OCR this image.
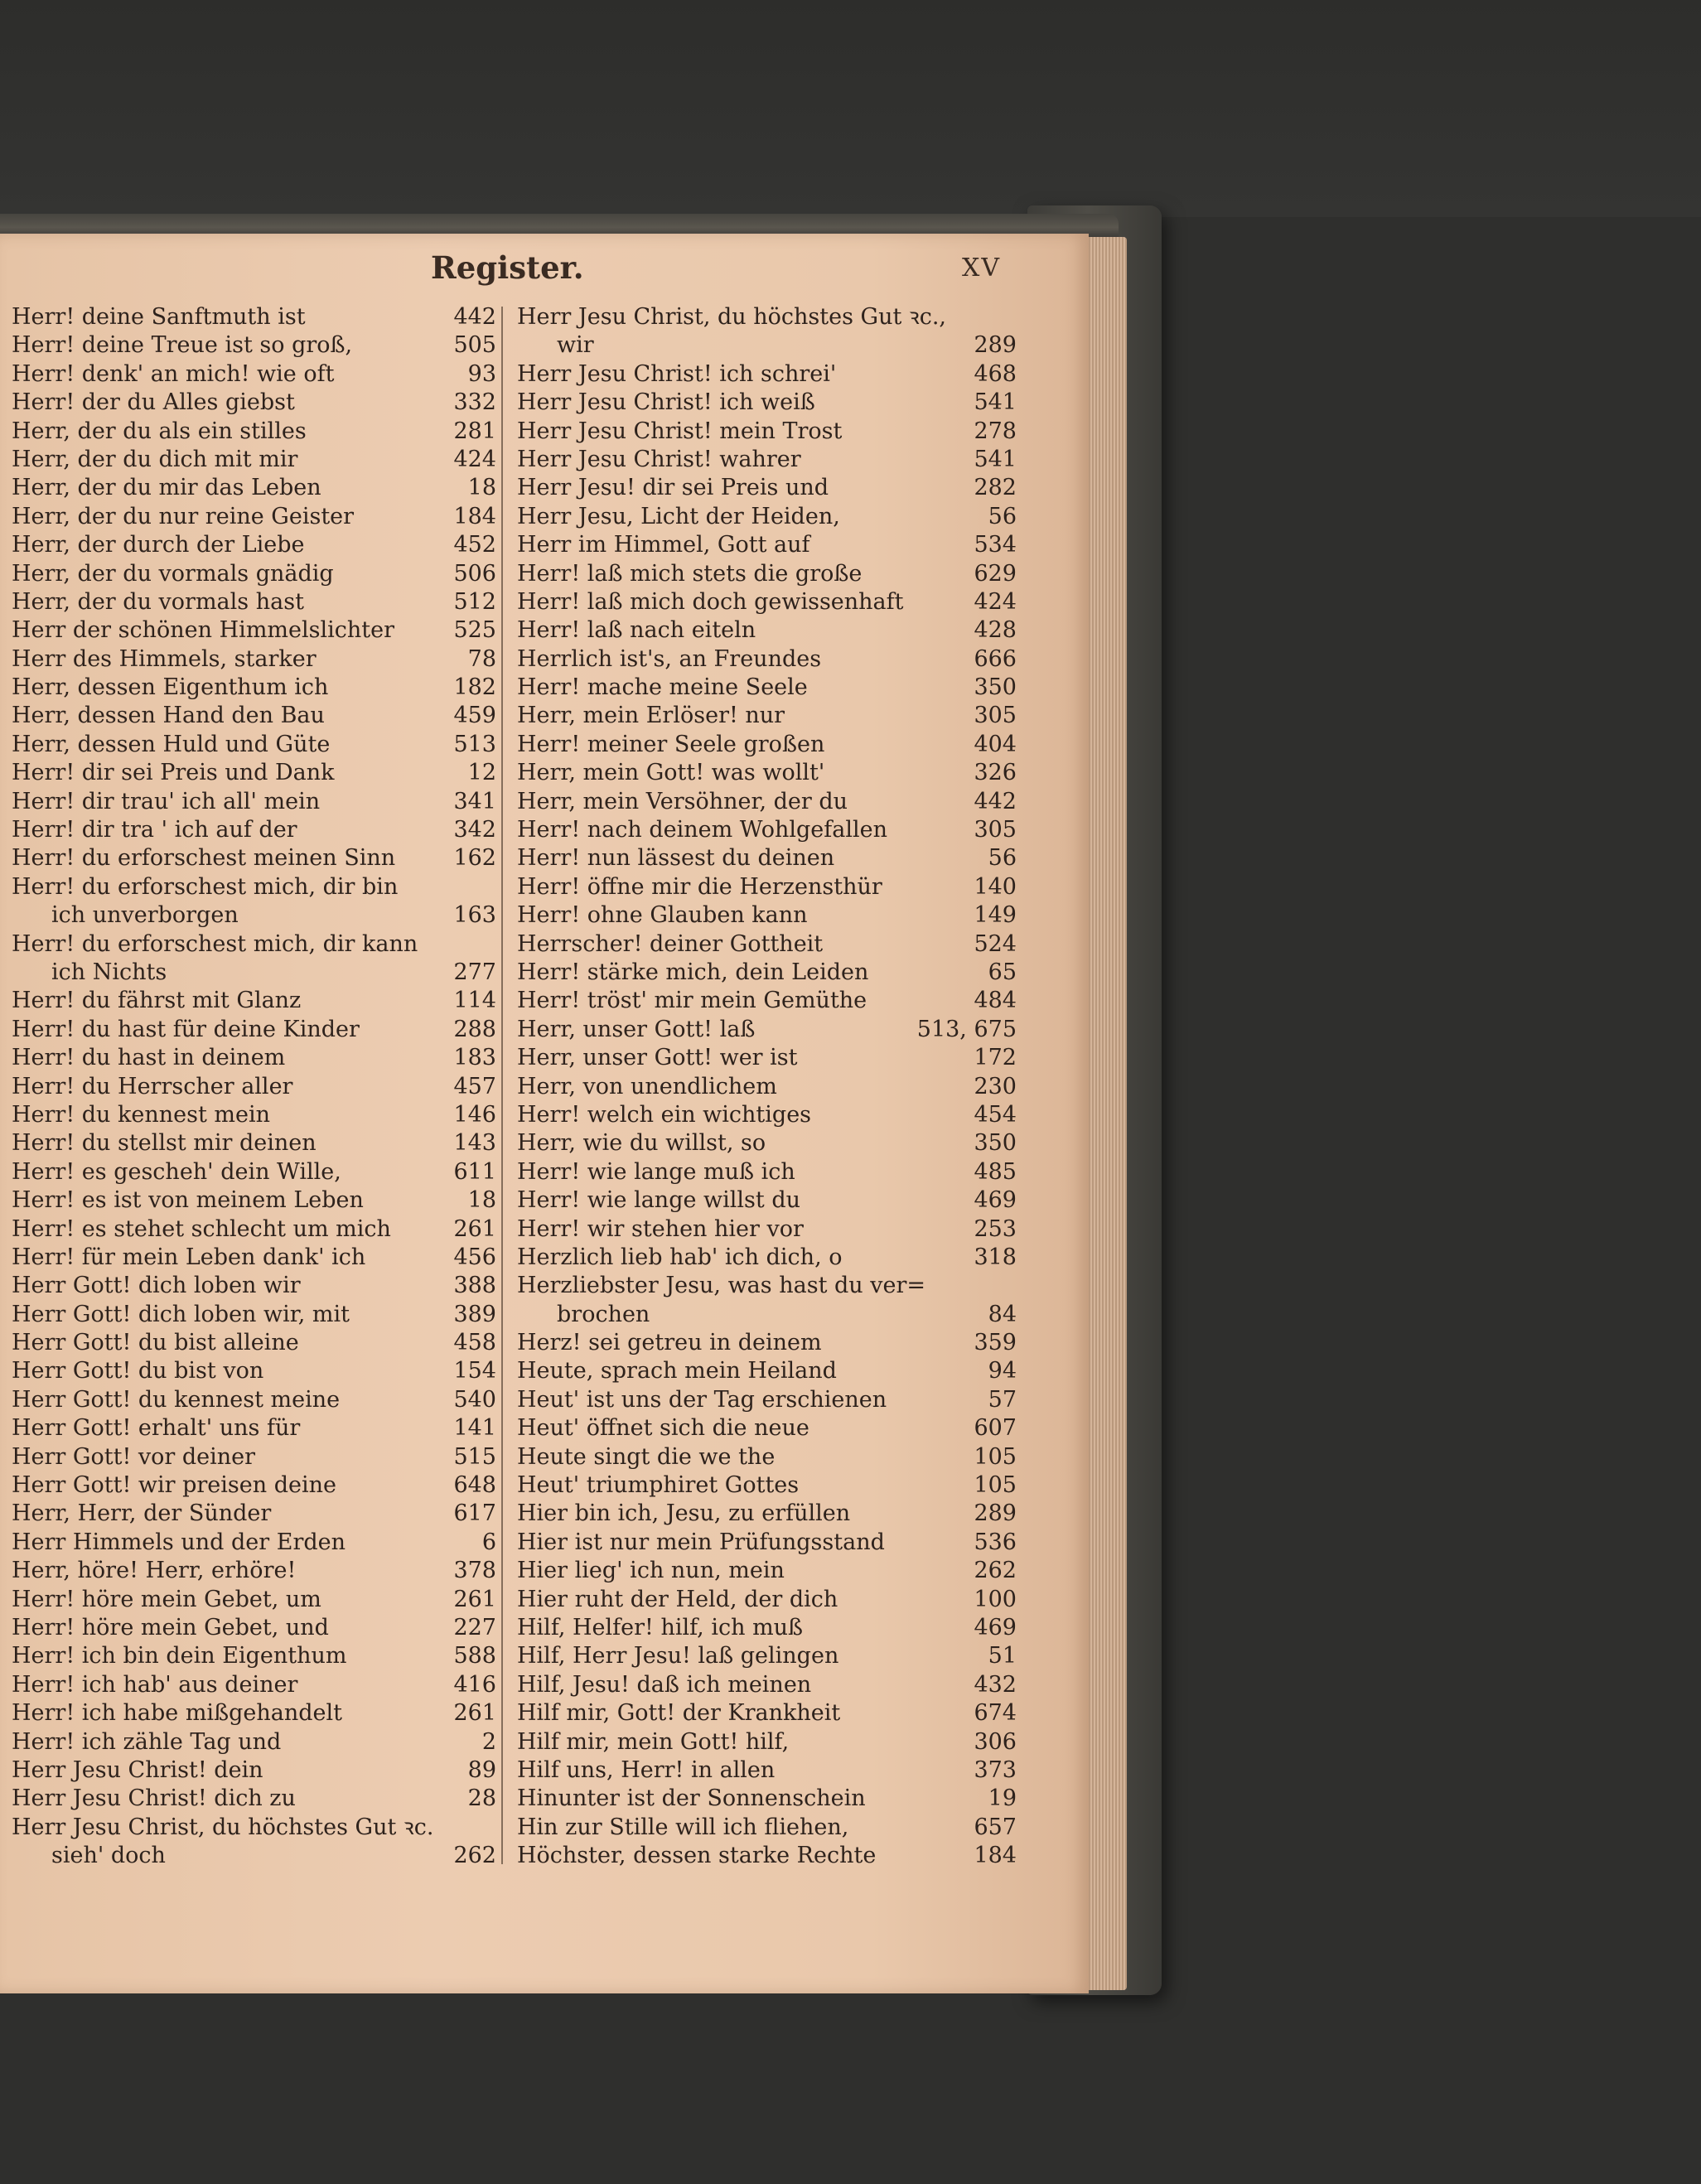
Register.	XV
Herr! deine Sanftmuth ist	442
Herr! deine Treue ist so groß,	505
Herr! denk' an mich! wie oft	93
Herr! der du Alles giebst	332
Herr, der du als ein stilles	281
Herr, der du dich mit mir	424
Herr, der du mir das Leben	18
Herr, der du nur reine Geister	184
Herr, der durch der Liebe	452
Herr, der du vormals gnädig	506
Herr, der du vormals hast	512
Herr der schönen Himmelslichter	525
Herr des Himmels, starker	78
Herr, dessen Eigenthum ich	182
Herr, dessen Hand den Bau	459
Herr, dessen Huld und Güte	513
Herr! dir sei Preis und Dank	12
Herr! dir trau' ich all' mein	341
Herr! dir tra ' ich auf der	342
Herr! du erforschest meinen Sinn	162
Herr! du erforschest mich, dir bin
ich unverborgen	163
Herr! du erforschest mich, dir kann
ich Nichts	277
Herr! du fährst mit Glanz	114
Herr! du hast für deine Kinder	288
Herr! du hast in deinem	183
Herr! du Herrscher aller	457
Herr! du kennest mein	146
Herr! du stellst mir deinen	143
Herr! es gescheh' dein Wille,	611
Herr! es ist von meinem Leben	18
Herr! es stehet schlecht um mich	261
Herr! für mein Leben dank' ich	456
Herr Gott! dich loben wir	388
Herr Gott! dich loben wir, mit	389
Herr Gott! du bist alleine	458
Herr Gott! du bist von	154
Herr Gott! du kennest meine	540
Herr Gott! erhalt' uns für	141
Herr Gott! vor deiner	515
Herr Gott! wir preisen deine	648
Herr, Herr, der Sünder	617
Herr Himmels und der Erden	6
Herr, höre! Herr, erhöre!	378
Herr! höre mein Gebet, um	261
Herr! höre mein Gebet, und	227
Herr! ich bin dein Eigenthum	588
Herr! ich hab' aus deiner	416
Herr! ich habe mißgehandelt	261
Herr! ich zähle Tag und	2
Herr Jesu Christ! dein	89
Herr Jesu Christ! dich zu	28
Herr Jesu Christ, du höchstes Gut ꝛc.
sieh' doch	262
Herr Jesu Christ, du höchstes Gut ꝛc.,
wir	289
Herr Jesu Christ! ich schrei'	468
Herr Jesu Christ! ich weiß	541
Herr Jesu Christ! mein Trost	278
Herr Jesu Christ! wahrer	541
Herr Jesu! dir sei Preis und	282
Herr Jesu, Licht der Heiden,	56
Herr im Himmel, Gott auf	534
Herr! laß mich stets die große	629
Herr! laß mich doch gewissenhaft	424
Herr! laß nach eiteln	428
Herrlich ist's, an Freundes	666
Herr! mache meine Seele	350
Herr, mein Erlöser! nur	305
Herr! meiner Seele großen	404
Herr, mein Gott! was wollt'	326
Herr, mein Versöhner, der du	442
Herr! nach deinem Wohlgefallen	305
Herr! nun lässest du deinen	56
Herr! öffne mir die Herzensthür	140
Herr! ohne Glauben kann	149
Herrscher! deiner Gottheit	524
Herr! stärke mich, dein Leiden	65
Herr! tröst' mir mein Gemüthe	484
Herr, unser Gott! laß	513, 675
Herr, unser Gott! wer ist	172
Herr, von unendlichem	230
Herr! welch ein wichtiges	454
Herr, wie du willst, so	350
Herr! wie lange muß ich	485
Herr! wie lange willst du	469
Herr! wir stehen hier vor	253
Herzlich lieb hab' ich dich, o	318
Herzliebster Jesu, was hast du ver=
brochen	84
Herz! sei getreu in deinem	359
Heute, sprach mein Heiland	94
Heut' ist uns der Tag erschienen	57
Heut' öffnet sich die neue	607
Heute singt die we the	105
Heut' triumphiret Gottes	105
Hier bin ich, Jesu, zu erfüllen	289
Hier ist nur mein Prüfungsstand	536
Hier lieg' ich nun, mein	262
Hier ruht der Held, der dich	100
Hilf, Helfer! hilf, ich muß	469
Hilf, Herr Jesu! laß gelingen	51
Hilf, Jesu! daß ich meinen	432
Hilf mir, Gott! der Krankheit	674
Hilf mir, mein Gott! hilf,	306
Hilf uns, Herr! in allen	373
Hinunter ist der Sonnenschein	19
Hin zur Stille will ich fliehen,	657
Höchster, dessen starke Rechte	184
